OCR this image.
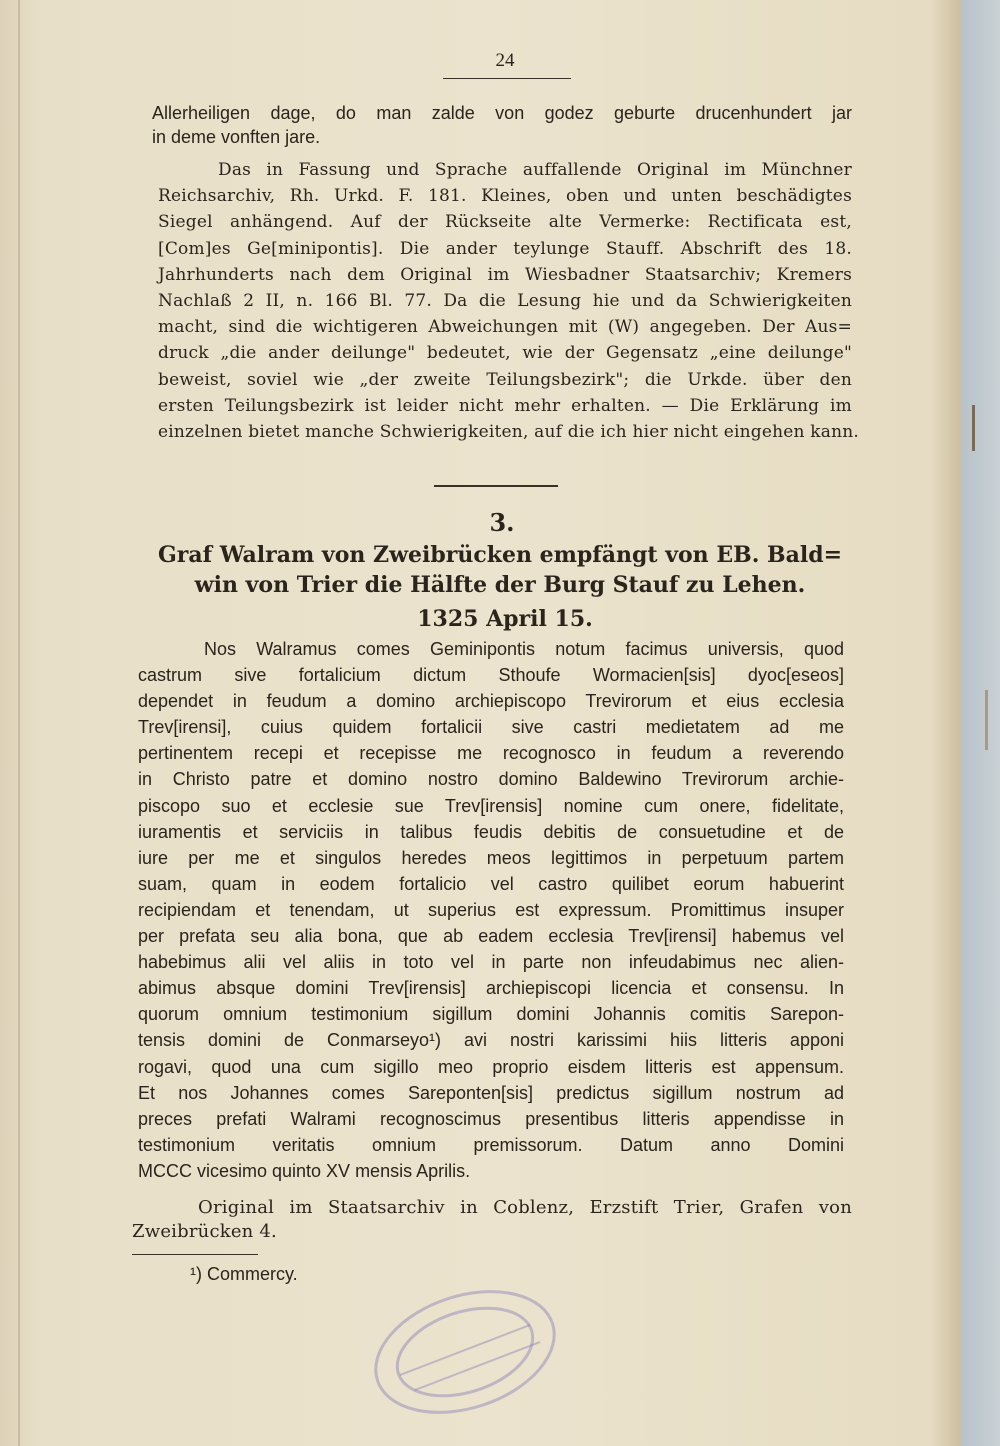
24
Allerheiligen dage, do man zalde von godez geburte drucenhundert jar
in deme vonften jare.
Das in Fassung und Sprache auffallende Original im Münchner
Reichsarchiv, Rh. Urkd. F. 181. Kleines, oben und unten beschädigtes
Siegel anhängend. Auf der Rückseite alte Vermerke: Rectificata est,
[Com]es Ge[minipontis]. Die ander teylunge Stauff. Abschrift des 18.
Jahrhunderts nach dem Original im Wiesbadner Staatsarchiv; Kremers
Nachlaß 2 II, n. 166 Bl. 77. Da die Lesung hie und da Schwierigkeiten
macht, sind die wichtigeren Abweichungen mit (W) angegeben. Der Aus=
druck „die ander deilunge" bedeutet, wie der Gegensatz „eine deilunge"
beweist, soviel wie „der zweite Teilungsbezirk"; die Urkde. über den
ersten Teilungsbezirk ist leider nicht mehr erhalten. — Die Erklärung im
einzelnen bietet manche Schwierigkeiten, auf die ich hier nicht eingehen kann.
3.
Graf Walram von Zweibrücken empfängt von EB. Bald=
win von Trier die Hälfte der Burg Stauf zu Lehen.
1325 April 15.
Nos Walramus comes Geminipontis notum facimus universis, quod
castrum sive fortalicium dictum Sthoufe Wormacien[sis] dyoc[eseos]
dependet in feudum a domino archiepiscopo Trevirorum et eius ecclesia
Trev[irensi], cuius quidem fortalicii sive castri medietatem ad me
pertinentem recepi et recepisse me recognosco in feudum a reverendo
in Christo patre et domino nostro domino Baldewino Trevirorum archie-
piscopo suo et ecclesie sue Trev[irensis] nomine cum onere, fidelitate,
iuramentis et serviciis in talibus feudis debitis de consuetudine et de
iure per me et singulos heredes meos legittimos in perpetuum partem
suam, quam in eodem fortalicio vel castro quilibet eorum habuerint
recipiendam et tenendam, ut superius est expressum. Promittimus insuper
per prefata seu alia bona, que ab eadem ecclesia Trev[irensi] habemus vel
habebimus alii vel aliis in toto vel in parte non infeudabimus nec alien-
abimus absque domini Trev[irensis] archiepiscopi licencia et consensu. In
quorum omnium testimonium sigillum domini Johannis comitis Sarepon-
tensis domini de Conmarseyo¹) avi nostri karissimi hiis litteris apponi
rogavi, quod una cum sigillo meo proprio eisdem litteris est appensum.
Et nos Johannes comes Sareponten[sis] predictus sigillum nostrum ad
preces prefati Walrami recognoscimus presentibus litteris appendisse in
testimonium veritatis omnium premissorum. Datum anno Domini
MCCC vicesimo quinto XV mensis Aprilis.
Original im Staatsarchiv in Coblenz, Erzstift Trier, Grafen von
Zweibrücken 4.
¹) Commercy.
